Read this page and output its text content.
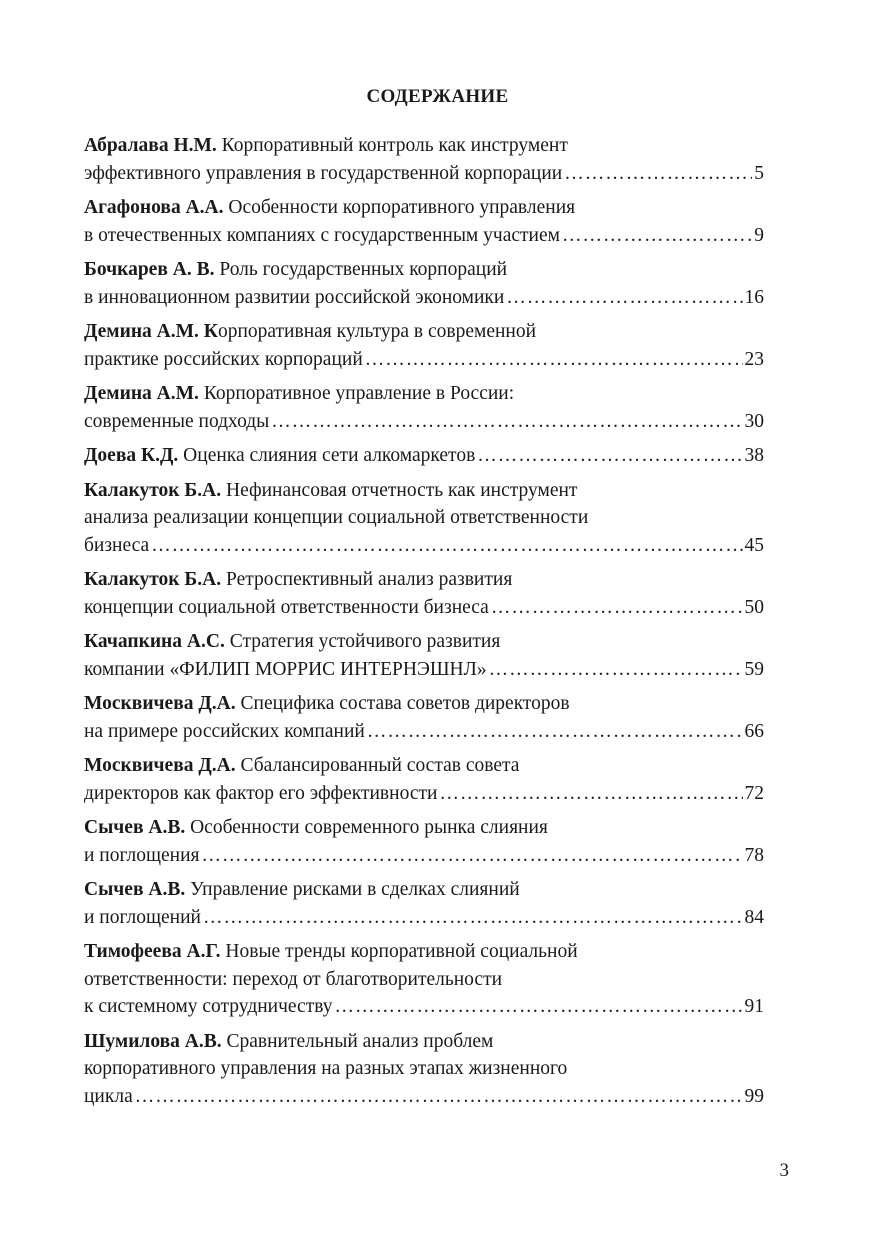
СОДЕРЖАНИЕ
Абралава Н.М. Корпоративный контроль как инструмент
эффективного управления в государственной корпорации ………………………………………………………………………………………………………………………………………………………………………………	5
Агафонова А.А. Особенности корпоративного управления
в отечественных компаниях с государственным участием ………………………………………………………………………………………………………………………………………………………………………………	9
Бочкарев А. В. Роль государственных корпораций
в инновационном развитии российской экономики ………………………………………………………………………………………………………………………………………………………………………………	16
Демина А.М. Корпоративная культура в современной
практике российских корпораций ………………………………………………………………………………………………………………………………………………………………………………	23
Демина А.М. Корпоративное управление в России:
современные подходы ………………………………………………………………………………………………………………………………………………………………………………	30
Доева К.Д. Оценка слияния сети алкомаркетов ………………………………………………………………………………………………………………………………………………………………………………	38
Калакуток Б.А. Нефинансовая отчетность как инструмент
анализа реализации концепции социальной ответственности
бизнеса ………………………………………………………………………………………………………………………………………………………………………………	45
Калакуток Б.А. Ретроспективный анализ развития
концепции социальной ответственности бизнеса ………………………………………………………………………………………………………………………………………………………………………………	50
Качапкина А.С. Стратегия устойчивого развития
компании «ФИЛИП МОРРИС ИНТЕРНЭШНЛ» ………………………………………………………………………………………………………………………………………………………………………………	59
Москвичева Д.А. Специфика состава советов директоров
на примере российских компаний ………………………………………………………………………………………………………………………………………………………………………………	66
Москвичева Д.А. Сбалансированный состав совета
директоров как фактор его эффективности ………………………………………………………………………………………………………………………………………………………………………………	72
Сычев А.В. Особенности современного рынка слияния
и поглощения ………………………………………………………………………………………………………………………………………………………………………………	78
Сычев А.В. Управление рисками в сделках слияний
и поглощений ………………………………………………………………………………………………………………………………………………………………………………	84
Тимофеева А.Г. Новые тренды корпоративной социальной
ответственности: переход от благотворительности
к системному сотрудничеству ………………………………………………………………………………………………………………………………………………………………………………	91
Шумилова А.В. Сравнительный анализ проблем
корпоративного управления на разных этапах жизненного
цикла ………………………………………………………………………………………………………………………………………………………………………………	99
3
